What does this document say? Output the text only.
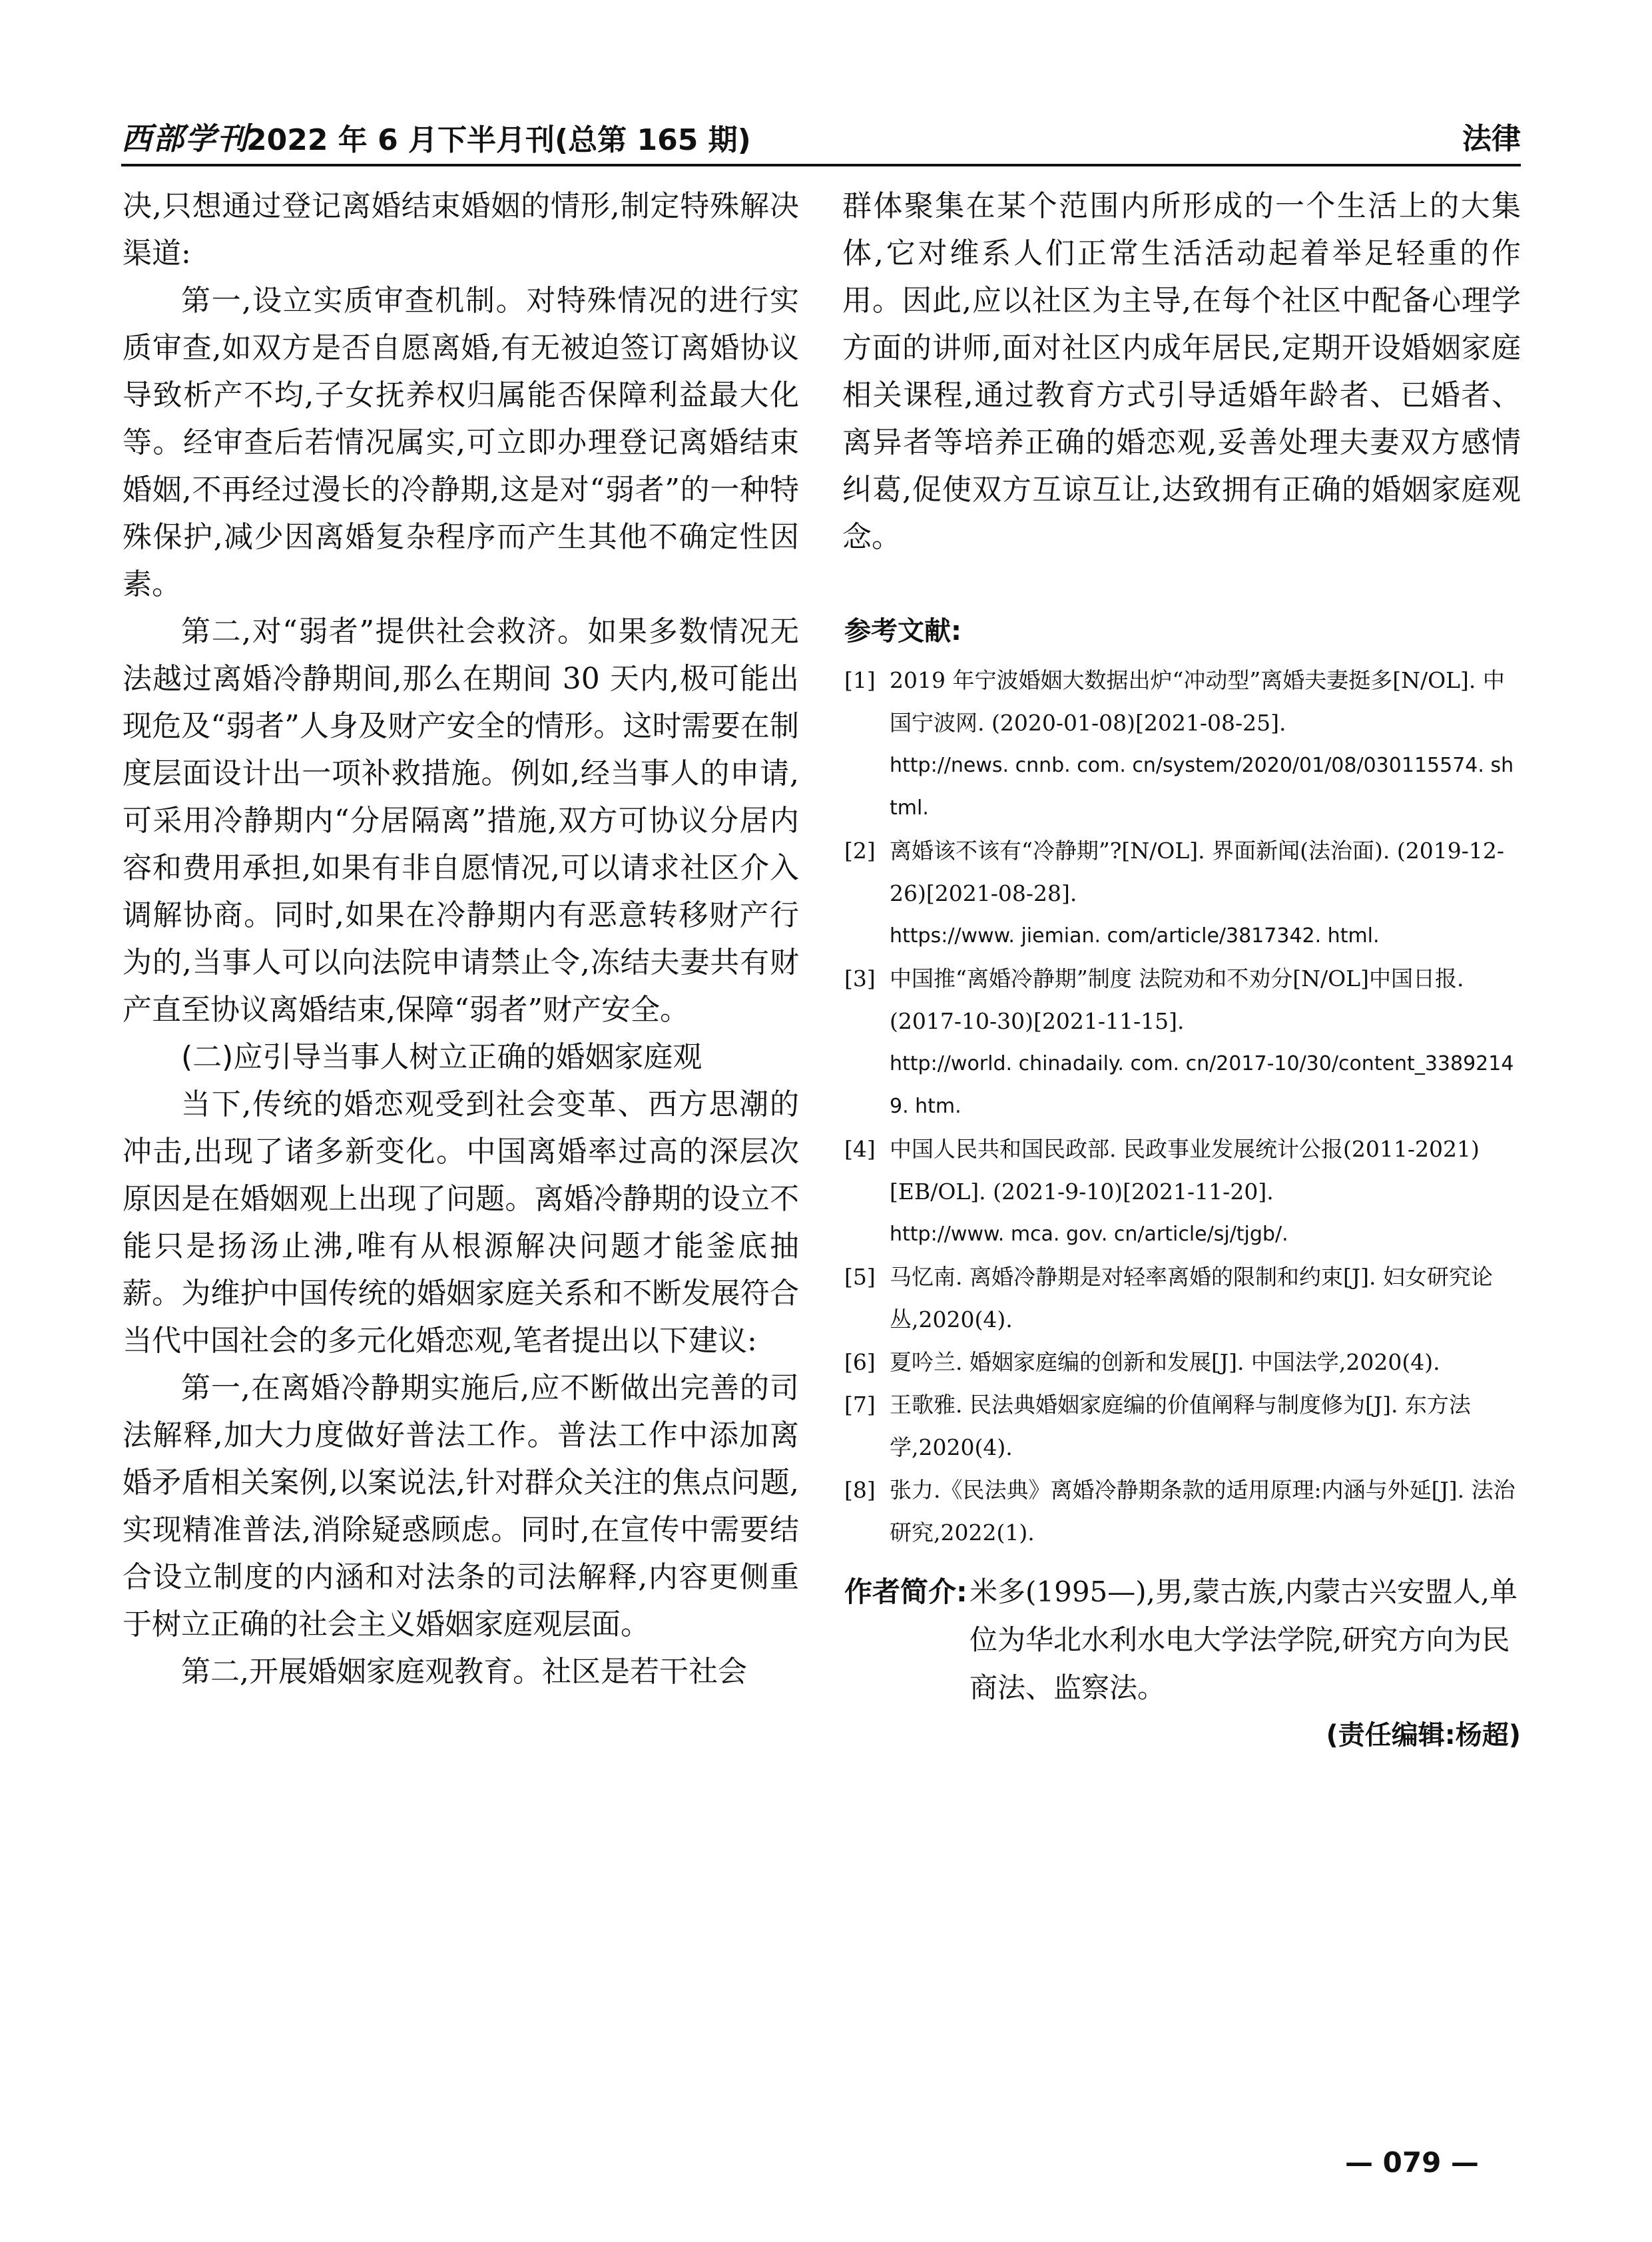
西部学刊
2022 年 6 月下半月刊(总第 165 期)	法律

决,只想通过登记离婚结束婚姻的情形,制定特殊解决渠道:

第一,设立实质审查机制。对特殊情况的进行实质审查,如双方是否自愿离婚,有无被迫签订离婚协议导致析产不均,子女抚养权归属能否保障利益最大化等。经审查后若情况属实,可立即办理登记离婚结束婚姻,不再经过漫长的冷静期,这是对“弱者”的一种特殊保护,减少因离婚复杂程序而产生其他不确定性因素。

第二,对“弱者”提供社会救济。如果多数情况无法越过离婚冷静期间,那么在期间 30 天内,极可能出现危及“弱者”人身及财产安全的情形。这时需要在制度层面设计出一项补救措施。例如,经当事人的申请,可采用冷静期内“分居隔离”措施,双方可协议分居内容和费用承担,如果有非自愿情况,可以请求社区介入调解协商。同时,如果在冷静期内有恶意转移财产行为的,当事人可以向法院申请禁止令,冻结夫妻共有财产直至协议离婚结束,保障“弱者”财产安全。

(二)应引导当事人树立正确的婚姻家庭观

当下,传统的婚恋观受到社会变革、西方思潮的冲击,出现了诸多新变化。中国离婚率过高的深层次原因是在婚姻观上出现了问题。离婚冷静期的设立不能只是扬汤止沸,唯有从根源解决问题才能釜底抽薪。为维护中国传统的婚姻家庭关系和不断发展符合当代中国社会的多元化婚恋观,笔者提出以下建议:

第一,在离婚冷静期实施后,应不断做出完善的司法解释,加大力度做好普法工作。普法工作中添加离婚矛盾相关案例,以案说法,针对群众关注的焦点问题,实现精准普法,消除疑惑顾虑。同时,在宣传中需要结合设立制度的内涵和对法条的司法解释,内容更侧重于树立正确的社会主义婚姻家庭观层面。

第二,开展婚姻家庭观教育。社区是若干社会

群体聚集在某个范围内所形成的一个生活上的大集体,它对维系人们正常生活活动起着举足轻重的作用。因此,应以社区为主导,在每个社区中配备心理学方面的讲师,面对社区内成年居民,定期开设婚姻家庭相关课程,通过教育方式引导适婚年龄者、已婚者、离异者等培养正确的婚恋观,妥善处理夫妻双方感情纠葛,促使双方互谅互让,达致拥有正确的婚姻家庭观念。

参考文献:
[1] 2019 年宁波婚姻大数据出炉“冲动型”离婚夫妻挺多[N/OL]. 中国宁波网. (2020-01-08)[2021-08-25].
http://news. cnnb. com. cn/system/2020/01/08/030115574. shtml.
[2] 离婚该不该有“冷静期”?[N/OL]. 界面新闻(法治面). (2019-12-26)[2021-08-28].
https://www. jiemian. com/article/3817342. html.
[3] 中国推“离婚冷静期”制度 法院劝和不劝分[N/OL]中国日报. (2017-10-30)[2021-11-15].
http://world. chinadaily. com. cn/2017-10/30/content_33892149. htm.
[4] 中国人民共和国民政部. 民政事业发展统计公报(2011-2021)[EB/OL]. (2021-9-10)[2021-11-20].
http://www. mca. gov. cn/article/sj/tjgb/.
[5] 马忆南. 离婚冷静期是对轻率离婚的限制和约束[J]. 妇女研究论丛,2020(4).
[6] 夏吟兰. 婚姻家庭编的创新和发展[J]. 中国法学,2020(4).
[7] 王歌雅. 民法典婚姻家庭编的价值阐释与制度修为[J]. 东方法学,2020(4).
[8] 张力.《民法典》离婚冷静期条款的适用原理:内涵与外延[J]. 法治研究,2022(1).
作者简介: 米多(1995—),男,蒙古族,内蒙古兴安盟人,单位为华北水利水电大学法学院,研究方向为民商法、监察法。
(责任编辑:杨超)
— 079 —
